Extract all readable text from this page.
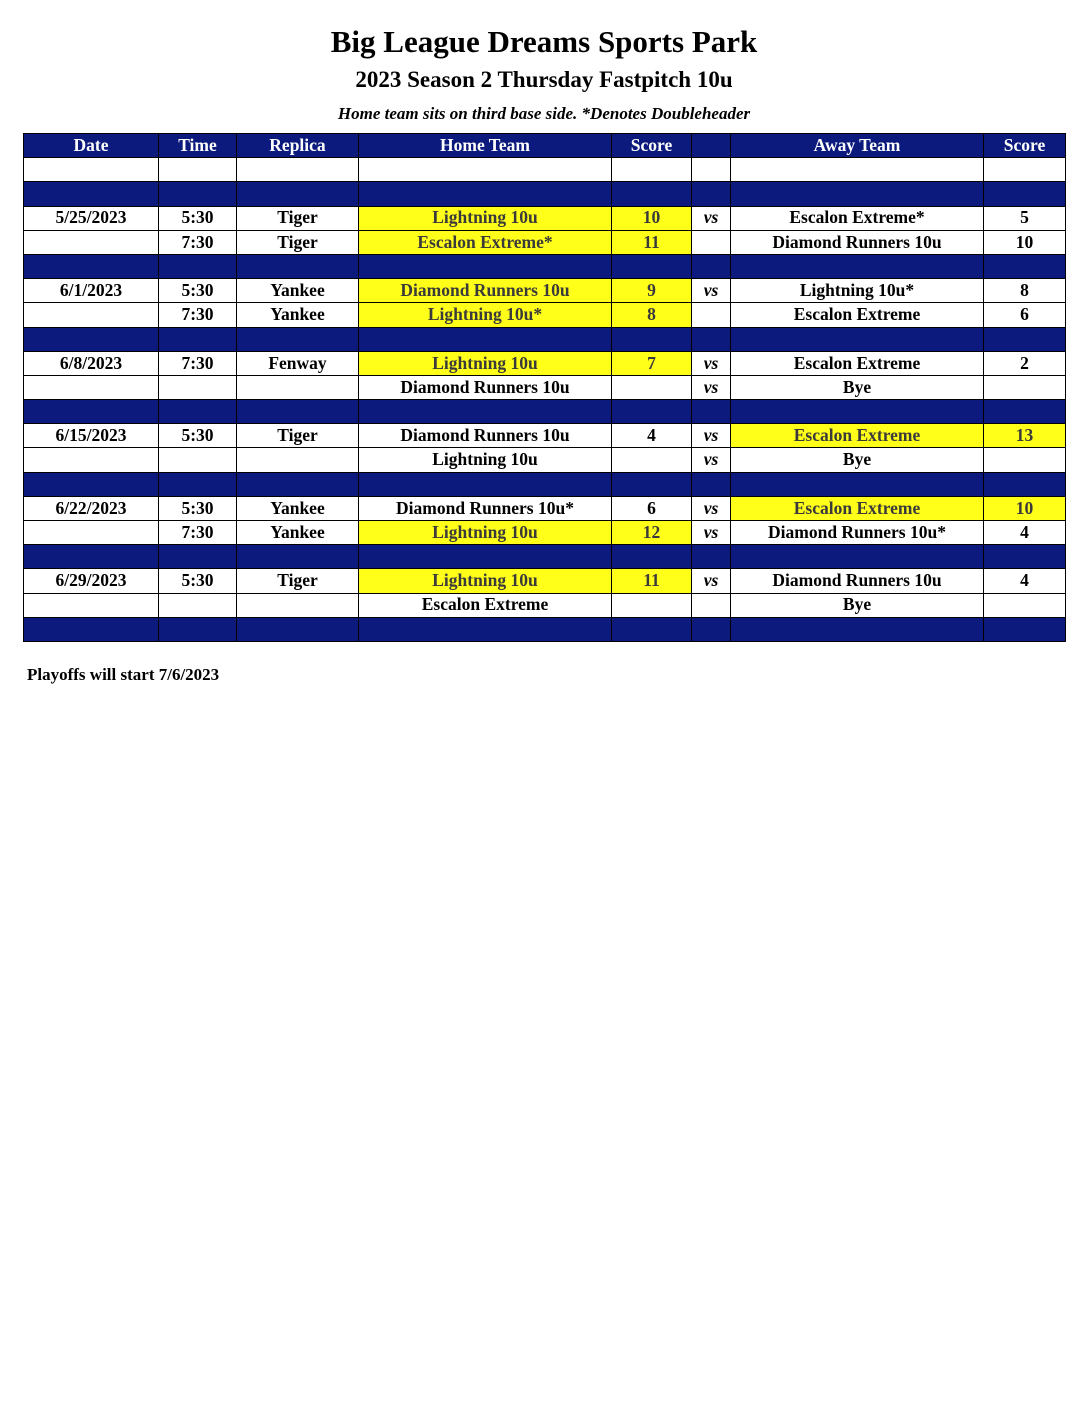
Big League Dreams Sports Park
2023 Season 2 Thursday Fastpitch 10u

Home team sits on third base side. *Denotes Doubleheader

Date	Time	Replica	Home Team	Score		Away Team	Score

5/25/2023	5:30	Tiger	Lightning 10u	10	vs	Escalon Extreme*	5
	7:30	Tiger	Escalon Extreme*	11		Diamond Runners 10u	10

6/1/2023	5:30	Yankee	Diamond Runners 10u	9	vs	Lightning 10u*	8
	7:30	Yankee	Lightning 10u*	8		Escalon Extreme	6

6/8/2023	7:30	Fenway	Lightning 10u	7	vs	Escalon Extreme	2
			Diamond Runners 10u		vs	Bye	

6/15/2023	5:30	Tiger	Diamond Runners 10u	4	vs	Escalon Extreme	13
			Lightning 10u		vs	Bye	

6/22/2023	5:30	Yankee	Diamond Runners 10u*	6	vs	Escalon Extreme	10
	7:30	Yankee	Lightning 10u	12	vs	Diamond Runners 10u*	4

6/29/2023	5:30	Tiger	Lightning 10u	11	vs	Diamond Runners 10u	4
			Escalon Extreme			Bye	

Playoffs will start 7/6/2023
